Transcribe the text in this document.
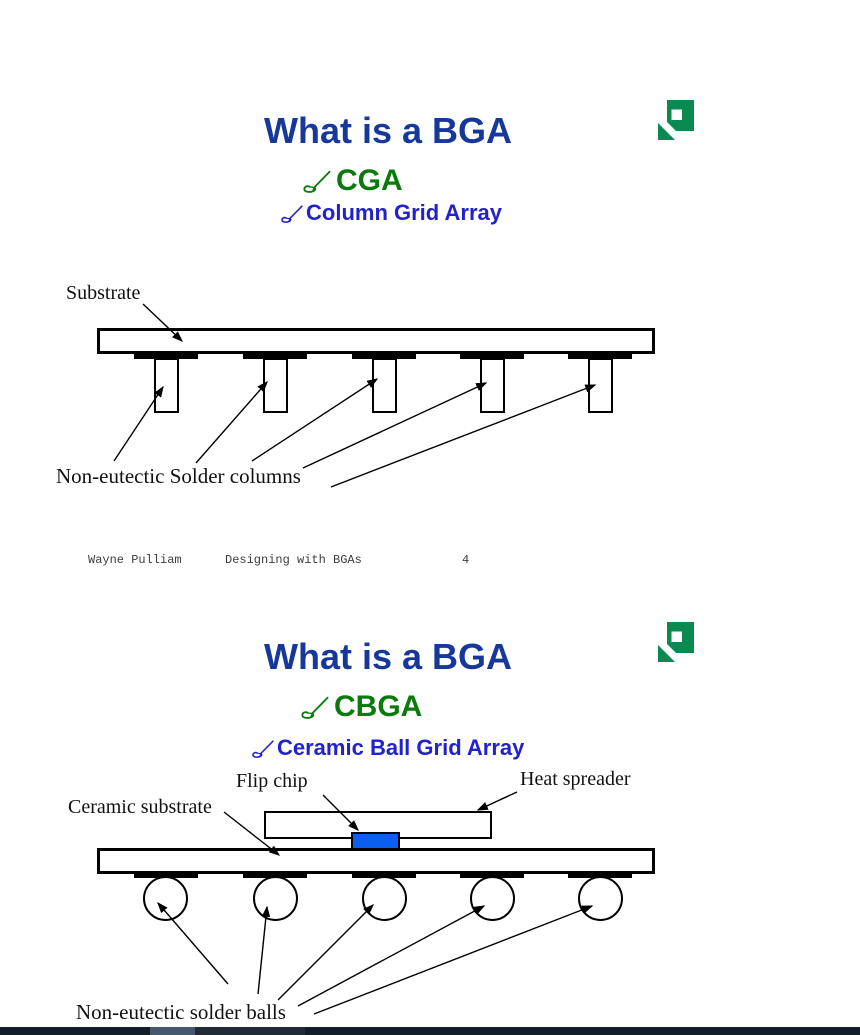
What is a BGA
CGA
Column Grid Array
Substrate
Non-eutectic Solder columns
Wayne Pulliam	Designing with BGAs	4
What is a BGA
CBGA
Ceramic Ball Grid Array
Flip chip	Heat spreader
Ceramic substrate
Non-eutectic solder balls
